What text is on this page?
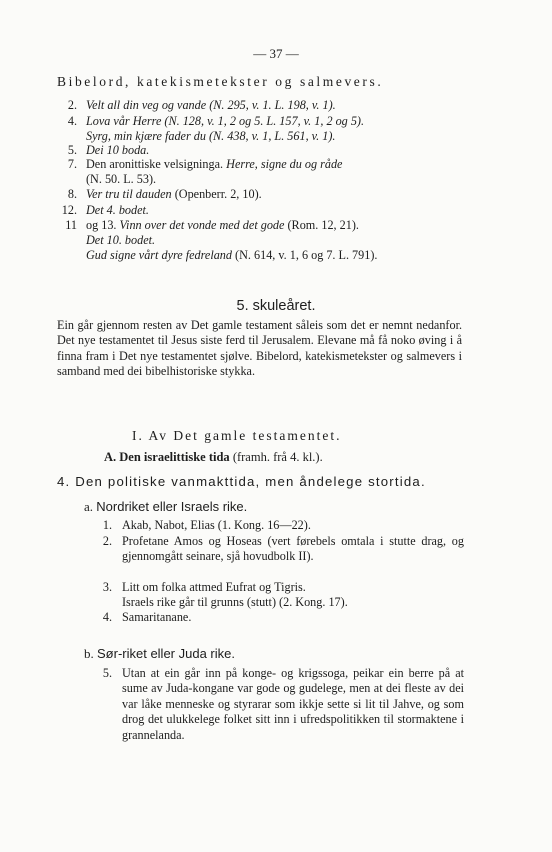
— 37 —
Bibelord, katekismetekster og salmevers.
2. Velt all din veg og vande (N. 295, v. 1. L. 198, v. 1).
4. Lova vår Herre (N. 128, v. 1, 2 og 5. L. 157, v. 1, 2 og 5).
Syrg, min kjære fader du (N. 438, v. 1, L. 561, v. 1).
5. Dei 10 boda.
7. Den aronittiske velsigninga. Herre, signe du og råde
(N. 50. L. 53).
8. Ver tru til dauden (Openberr. 2, 10).
12. Det 4. bodet.
11 og 13. Vinn over det vonde med det gode (Rom. 12, 21).
Det 10. bodet.
Gud signe vårt dyre fedreland (N. 614, v. 1, 6 og 7. L. 791).
5. skuleåret.
Ein går gjennom resten av Det gamle testament såleis som det er nemnt nedanfor. Det nye testamentet til Jesus siste ferd til Jerusalem. Elevane må få noko øving i å finna fram i Det nye testamentet sjølve. Bibelord, katekismetekster og salmevers i samband med dei bibelhistoriske stykka.
I. Av Det gamle testamentet.
A. Den israelittiske tida (framh. frå 4. kl.).
4. Den politiske vanmakttida, men åndelege stortida.
a. Nordriket eller Israels rike.
1. Akab, Nabot, Elias (1. Kong. 16—22).
2. Profetane Amos og Hoseas (vert førebels omtala i stutte drag, og gjennomgått seinare, sjå hovudbolk II).
3. Litt om folka attmed Eufrat og Tigris.
Israels rike går til grunns (stutt) (2. Kong. 17).
4. Samaritanane.
b. Sør-riket eller Juda rike.
5. Utan at ein går inn på konge- og krigssoga, peikar ein berre på at sume av Juda-kongane var gode og gudelege, men at dei fleste av dei var låke menneske og styrarar som ikkje sette si lit til Jahve, og som drog det ulukkelege folket sitt inn i ufredspolitikken til stormaktene i grannelanda.
